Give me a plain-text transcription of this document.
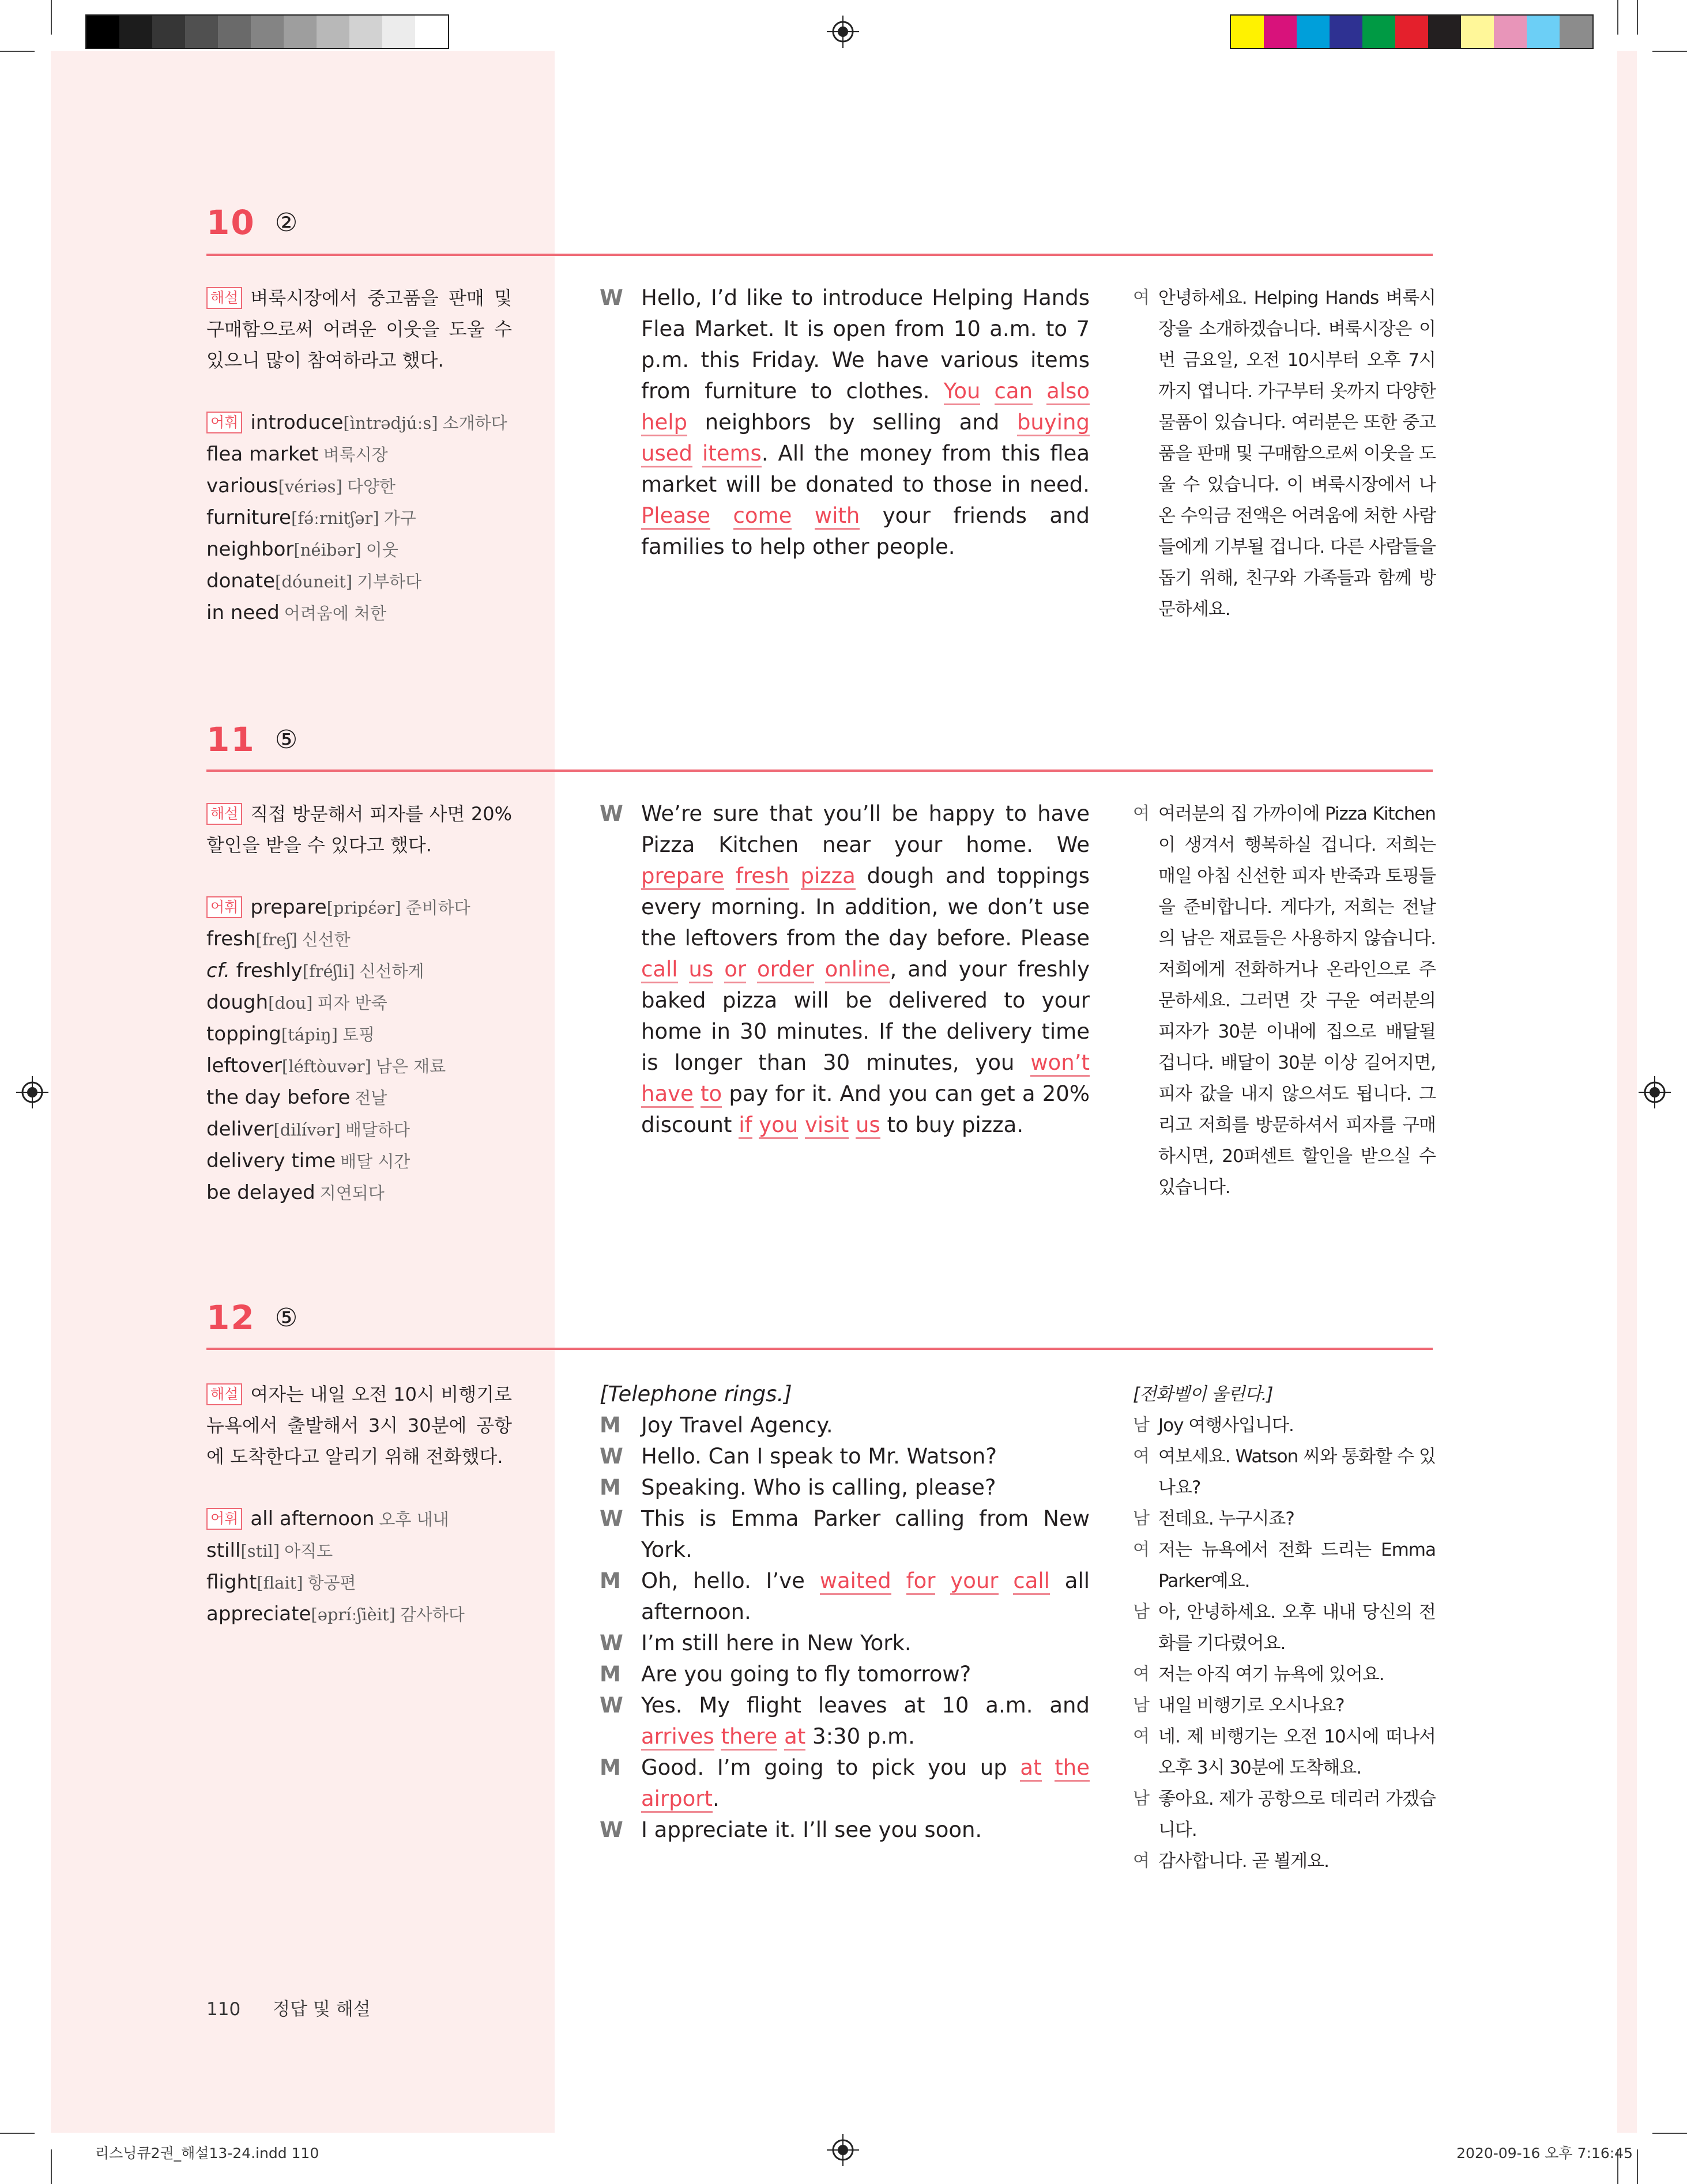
10 ②
해설 벼룩시장에서 중고품을 판매 및 구매함으로써 어려운 이웃을 도울 수 있으니 많이 참여하라고 했다.
어휘 introduce[ìntrədjúːs] 소개하다
flea market 벼룩시장
various[vériəs] 다양한
furniture[fə́ːrnitʃər] 가구
neighbor[néibər] 이웃
donate[dóuneit] 기부하다
in need 어려움에 처한
W Hello, I’d like to introduce Helping Hands Flea Market. It is open from 10 a.m. to 7 p.m. this Friday. We have various items from furniture to clothes. You can also help neighbors by selling and buying used items. All the money from this flea market will be donated to those in need. Please come with your friends and families to help other people.
여 안녕하세요. Helping Hands 벼룩시장을 소개하겠습니다. 벼룩시장은 이번 금요일, 오전 10시부터 오후 7시까지 엽니다. 가구부터 옷까지 다양한 물품이 있습니다. 여러분은 또한 중고품을 판매 및 구매함으로써 이웃을 도울 수 있습니다. 이 벼룩시장에서 나온 수익금 전액은 어려움에 처한 사람들에게 기부될 겁니다. 다른 사람들을 돕기 위해, 친구와 가족들과 함께 방문하세요.
11 ⑤
해설 직접 방문해서 피자를 사면 20% 할인을 받을 수 있다고 했다.
어휘 prepare[pripέər] 준비하다
fresh[freʃ] 신선한
cf. freshly[fréʃli] 신선하게
dough[dou] 피자 반죽
topping[tápiŋ] 토핑
leftover[léftòuvər] 남은 재료
the day before 전날
deliver[dilívər] 배달하다
delivery time 배달 시간
be delayed 지연되다
W We’re sure that you’ll be happy to have Pizza Kitchen near your home. We prepare fresh pizza dough and toppings every morning. In addition, we don’t use the leftovers from the day before. Please call us or order online, and your freshly baked pizza will be delivered to your home in 30 minutes. If the delivery time is longer than 30 minutes, you won’t have to pay for it. And you can get a 20% discount if you visit us to buy pizza.
여 여러분의 집 가까이에 Pizza Kitchen이 생겨서 행복하실 겁니다. 저희는 매일 아침 신선한 피자 반죽과 토핑들을 준비합니다. 게다가, 저희는 전날의 남은 재료들은 사용하지 않습니다. 저희에게 전화하거나 온라인으로 주문하세요. 그러면 갓 구운 여러분의 피자가 30분 이내에 집으로 배달될 겁니다. 배달이 30분 이상 길어지면, 피자 값을 내지 않으셔도 됩니다. 그리고 저희를 방문하셔서 피자를 구매하시면, 20퍼센트 할인을 받으실 수 있습니다.
12 ⑤
해설 여자는 내일 오전 10시 비행기로 뉴욕에서 출발해서 3시 30분에 공항에 도착한다고 알리기 위해 전화했다.
어휘 all afternoon 오후 내내
still[stil] 아직도
flight[flait] 항공편
appreciate[əpríːʃièit] 감사하다
[Telephone rings.]
M Joy Travel Agency.
W Hello. Can I speak to Mr. Watson?
M Speaking. Who is calling, please?
W This is Emma Parker calling from New York.
M Oh, hello. I’ve waited for your call all afternoon.
W I’m still here in New York.
M Are you going to fly tomorrow?
W Yes. My flight leaves at 10 a.m. and arrives there at 3:30 p.m.
M Good. I’m going to pick you up at the airport.
W I appreciate it. I’ll see you soon.
[전화벨이 울린다.]
남 Joy 여행사입니다.
여 여보세요. Watson 씨와 통화할 수 있나요?
남 전데요. 누구시죠?
여 저는 뉴욕에서 전화 드리는 Emma Parker예요.
남 아, 안녕하세요. 오후 내내 당신의 전화를 기다렸어요.
여 저는 아직 여기 뉴욕에 있어요.
남 내일 비행기로 오시나요?
여 네. 제 비행기는 오전 10시에 떠나서 오후 3시 30분에 도착해요.
남 좋아요. 제가 공항으로 데리러 가겠습니다.
여 감사합니다. 곧 뵐게요.
110 정답 및 해설
리스닝큐2권_해설13-24.indd 110	2020-09-16 오후 7:16:45
